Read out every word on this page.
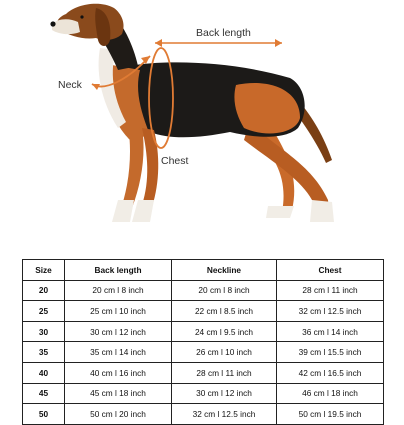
Back length
Neck
Chest
Size	Back length	Neckline	Chest
20	20 cm l 8 inch	20 cm l 8 inch	28 cm l 11 inch
25	25 cm l 10 inch	22 cm l 8.5 inch	32 cm l 12.5 inch
30	30 cm l 12 inch	24 cm l 9.5 inch	36 cm l 14 inch
35	35 cm l 14 inch	26 cm l 10 inch	39 cm l 15.5 inch
40	40 cm l 16 inch	28 cm l 11 inch	42 cm l 16.5 inch
45	45 cm l 18 inch	30 cm l 12 inch	46 cm l 18 inch
50	50 cm l 20 inch	32 cm l 12.5 inch	50 cm l 19.5 inch
